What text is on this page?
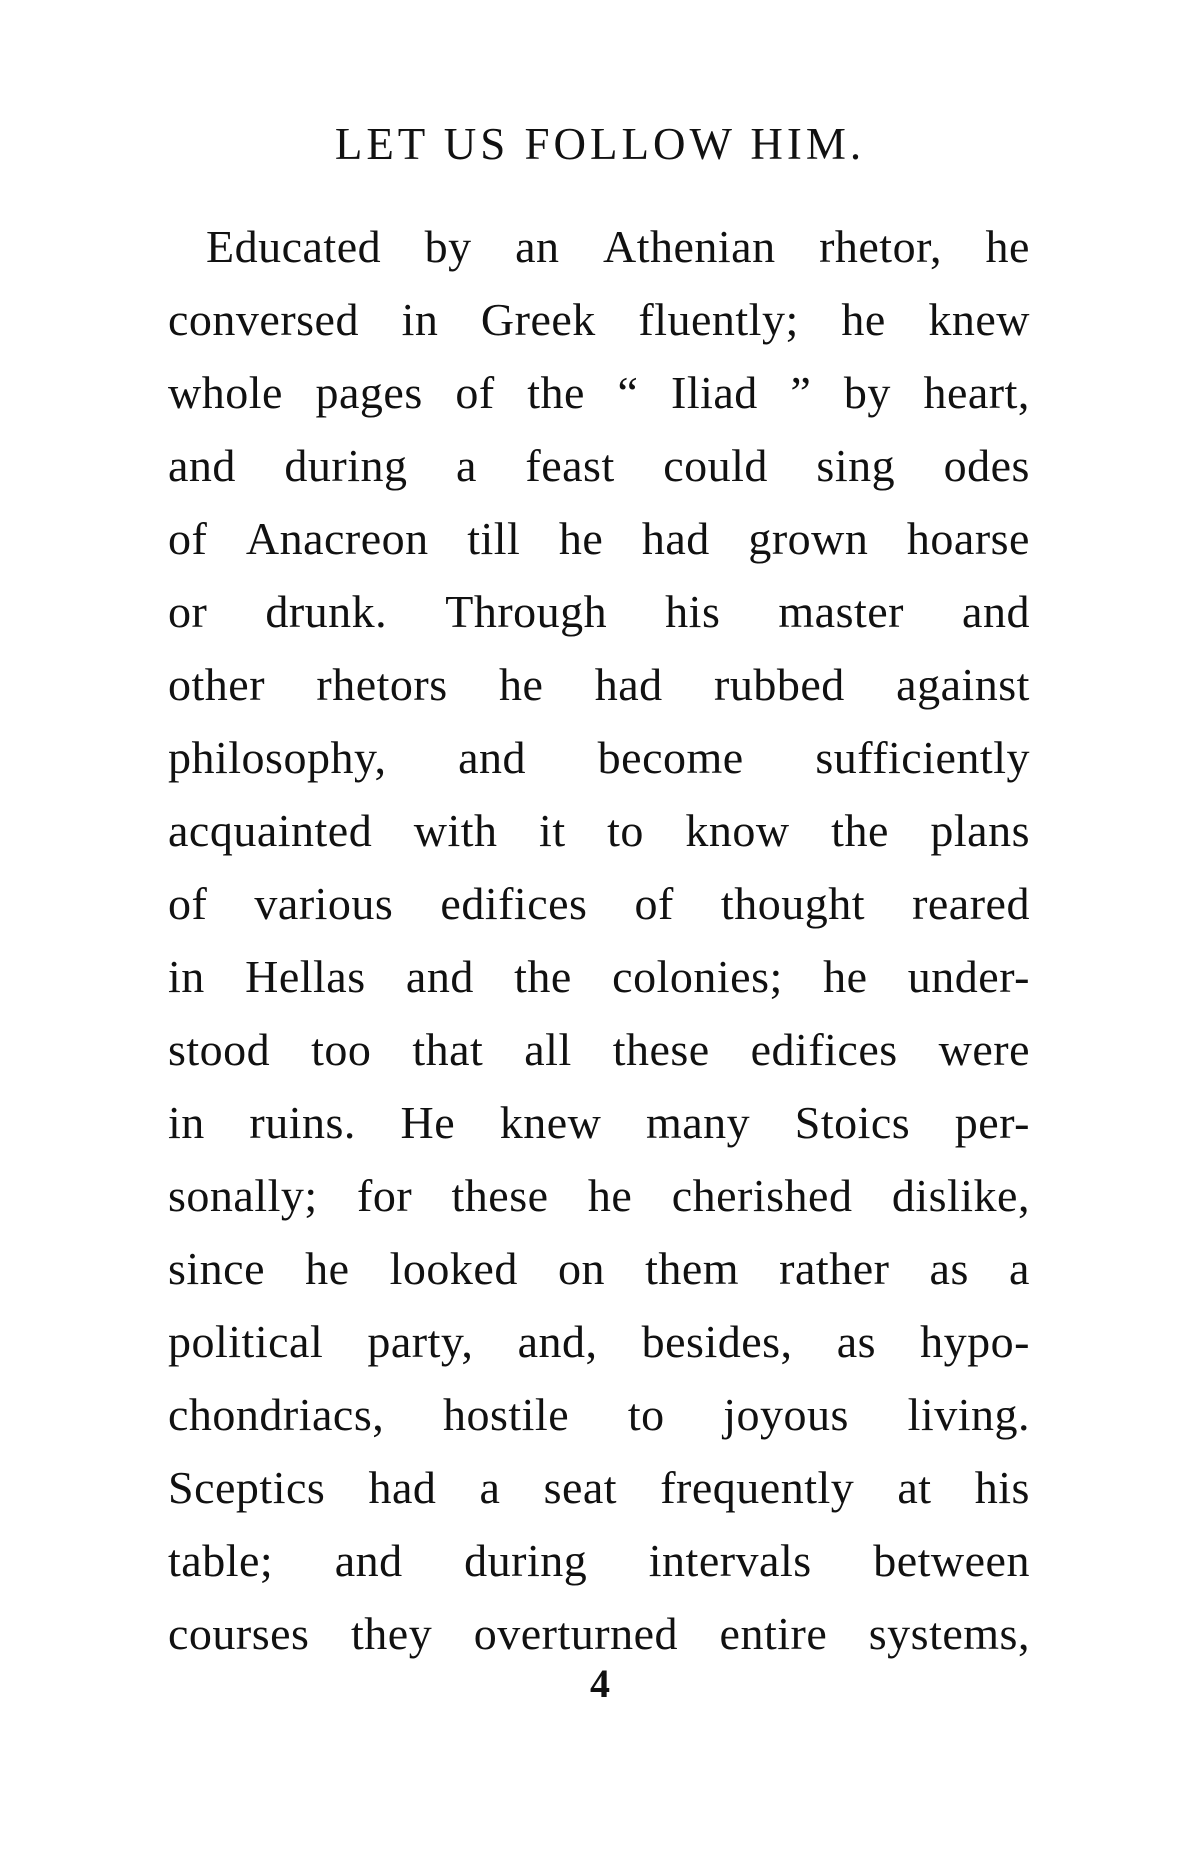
LET US FOLLOW HIM.
Educated by an Athenian rhetor, he
conversed in Greek fluently; he knew
whole pages of the “ Iliad ” by heart,
and during a feast could sing odes
of Anacreon till he had grown hoarse
or drunk. Through his master and
other rhetors he had rubbed against
philosophy, and become sufficiently
acquainted with it to know the plans
of various edifices of thought reared
in Hellas and the colonies; he under-
stood too that all these edifices were
in ruins. He knew many Stoics per-
sonally; for these he cherished dislike,
since he looked on them rather as a
political party, and, besides, as hypo-
chondriacs, hostile to joyous living.
Sceptics had a seat frequently at his
table; and during intervals between
courses they overturned entire systems,
4
